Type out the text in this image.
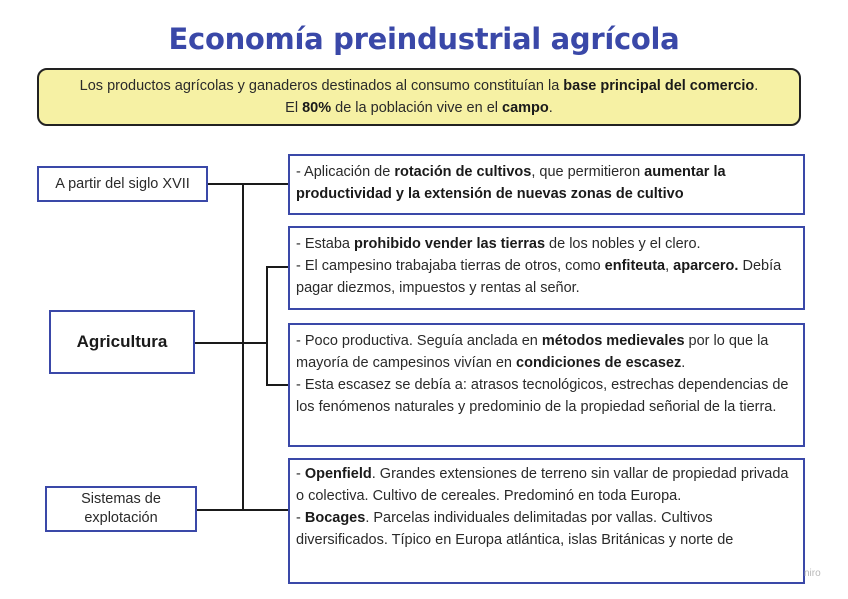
Economía preindustrial agrícola

Los productos agrícolas y ganaderos destinados al consumo constituían la base principal del comercio. El 80% de la población vive en el campo.

A partir del siglo XVII
Agricultura
Sistemas de
explotación

- Aplicación de rotación de cultivos, que permitieron aumentar la productividad y la extensión de nuevas zonas de cultivo

- Estaba prohibido vender las tierras de los nobles y el clero.

- El campesino trabajaba tierras de otros, como enfiteuta, aparcero. Debía pagar diezmos, impuestos y rentas al señor.

- Poco productiva. Seguía anclada en métodos medievales por lo que la mayoría de campesinos vivían en condiciones de escasez.

- Esta escasez se debía a: atrasos tecnológicos, estrechas dependencias de los fenómenos naturales y predominio de la propiedad señorial de la tierra.

- Openfield. Grandes extensiones de terreno sin vallar de propiedad privada o colectiva. Cultivo de cereales. Predominó en toda Europa.

- Bocages. Parcelas individuales delimitadas por vallas. Cultivos diversificados. Típico en Europa atlántica, islas Británicas y norte de

niro
